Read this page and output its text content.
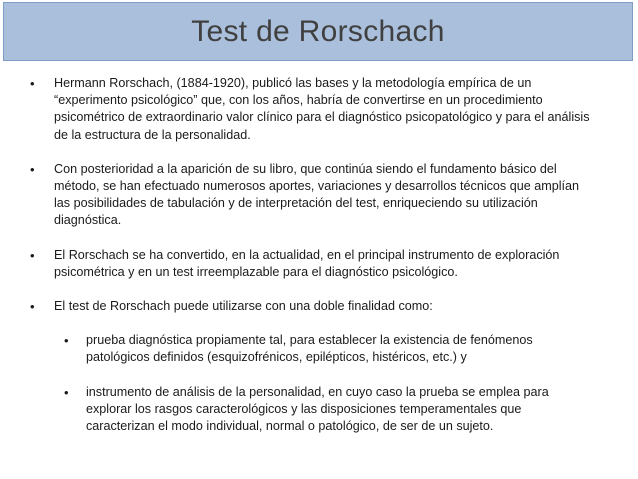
Test de Rorschach
• Hermann Rorschach, (1884-1920), publicó las bases y la metodología empírica de un “experimento psicológico” que, con los años, habría de convertirse en un procedimiento psicométrico de extraordinario valor clínico para el diagnóstico psicopatológico y para el análisis de la estructura de la personalidad.
• Con posterioridad a la aparición de su libro, que continúa siendo el fundamento básico del método, se han efectuado numerosos aportes, variaciones y desarrollos técnicos que amplían las posibilidades de tabulación y de interpretación del test, enriqueciendo su utilización diagnóstica.
• El Rorschach se ha convertido, en la actualidad, en el principal instrumento de exploración psicométrica y en un test irreemplazable para el diagnóstico psicológico.
• El test de Rorschach puede utilizarse con una doble finalidad como:
• prueba diagnóstica propiamente tal, para establecer la existencia de fenómenos patológicos definidos (esquizofrénicos, epilépticos, histéricos, etc.) y
• instrumento de análisis de la personalidad, en cuyo caso la prueba se emplea para explorar los rasgos caracterológicos y las disposiciones temperamentales que caracterizan el modo individual, normal o patológico, de ser de un sujeto.
